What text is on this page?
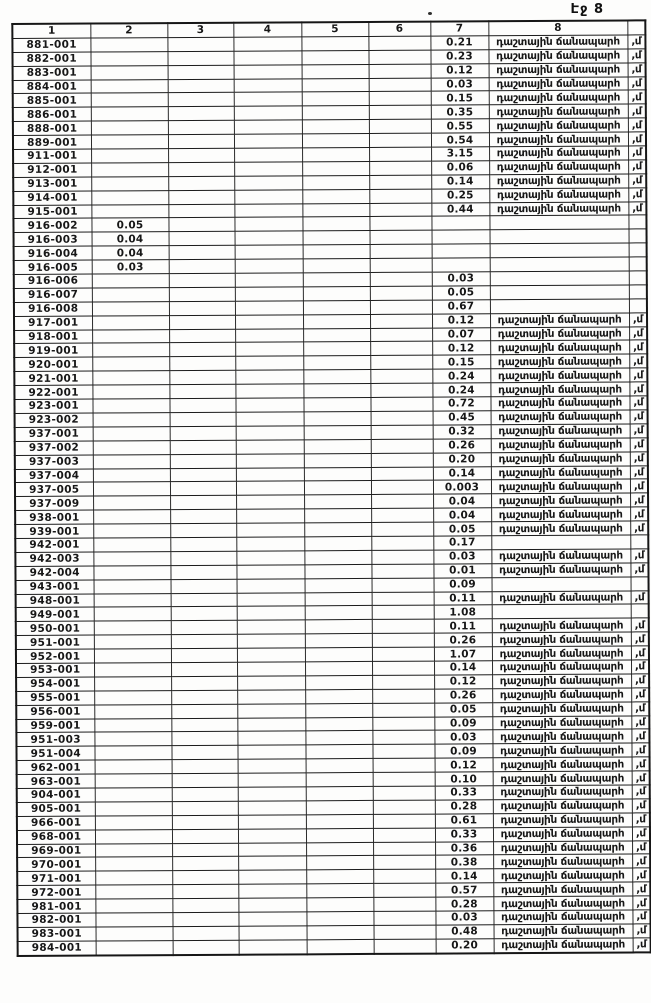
Էջ 8
1	2	3	4	5	6	7	8	
881-001						0.21	դաշտային ճանապարհ	,մ
882-001						0.23	դաշտային ճանապարհ	,մ
883-001						0.12	դաշտային ճանապարհ	,մ
884-001						0.03	դաշտային ճանապարհ	,մ
885-001						0.15	դաշտային ճանապարհ	,մ
886-001						0.35	դաշտային ճանապարհ	,մ
888-001						0.55	դաշտային ճանապարհ	,մ
889-001						0.54	դաշտային ճանապարհ	,մ
911-001						3.15	դաշտային ճանապարհ	,մ
912-001						0.06	դաշտային ճանապարհ	,մ
913-001						0.14	դաշտային ճանապարհ	,մ
914-001						0.25	դաշտային ճանապարհ	,մ
915-001						0.44	դաշտային ճանապարհ	,մ
916-002	0.05							
916-003	0.04							
916-004	0.04							
916-005	0.03							
916-006						0.03		
916-007						0.05		
916-008						0.67		
917-001						0.12	դաշտային ճանապարհ	,մ
918-001						0.07	դաշտային ճանապարհ	,մ
919-001						0.12	դաշտային ճանապարհ	,մ
920-001						0.15	դաշտային ճանապարհ	,մ
921-001						0.24	դաշտային ճանապարհ	,մ
922-001						0.24	դաշտային ճանապարհ	,մ
923-001						0.72	դաշտային ճանապարհ	,մ
923-002						0.45	դաշտային ճանապարհ	,մ
937-001						0.32	դաշտային ճանապարհ	,մ
937-002						0.26	դաշտային ճանապարհ	,մ
937-003						0.20	դաշտային ճանապարհ	,մ
937-004						0.14	դաշտային ճանապարհ	,մ
937-005						0.003	դաշտային ճանապարհ	,մ
937-009						0.04	դաշտային ճանապարհ	,մ
938-001						0.04	դաշտային ճանապարհ	,մ
939-001						0.05	դաշտային ճանապարհ	,մ
942-001						0.17		
942-003						0.03	դաշտային ճանապարհ	,մ
942-004						0.01	դաշտային ճանապարհ	,մ
943-001						0.09		
948-001						0.11	դաշտային ճանապարհ	,մ
949-001						1.08		
950-001						0.11	դաշտային ճանապարհ	,մ
951-001						0.26	դաշտային ճանապարհ	,մ
952-001						1.07	դաշտային ճանապարհ	,մ
953-001						0.14	դաշտային ճանապարհ	,մ
954-001						0.12	դաշտային ճանապարհ	,մ
955-001						0.26	դաշտային ճանապարհ	,մ
956-001						0.05	դաշտային ճանապարհ	,մ
959-001						0.09	դաշտային ճանապարհ	,մ
951-003						0.03	դաշտային ճանապարհ	,մ
951-004						0.09	դաշտային ճանապարհ	,մ
962-001						0.12	դաշտային ճանապարհ	,մ
963-001						0.10	դաշտային ճանապարհ	,մ
904-001						0.33	դաշտային ճանապարհ	,մ
905-001						0.28	դաշտային ճանապարհ	,մ
966-001						0.61	դաշտային ճանապարհ	,մ
968-001						0.33	դաշտային ճանապարհ	,մ
969-001						0.36	դաշտային ճանապարհ	,մ
970-001						0.38	դաշտային ճանապարհ	,մ
971-001						0.14	դաշտային ճանապարհ	,մ
972-001						0.57	դաշտային ճանապարհ	,մ
981-001						0.28	դաշտային ճանապարհ	,մ
982-001						0.03	դաշտային ճանապարհ	,մ
983-001						0.48	դաշտային ճանապարհ	,մ
984-001						0.20	դաշտային ճանապարհ	,մ
